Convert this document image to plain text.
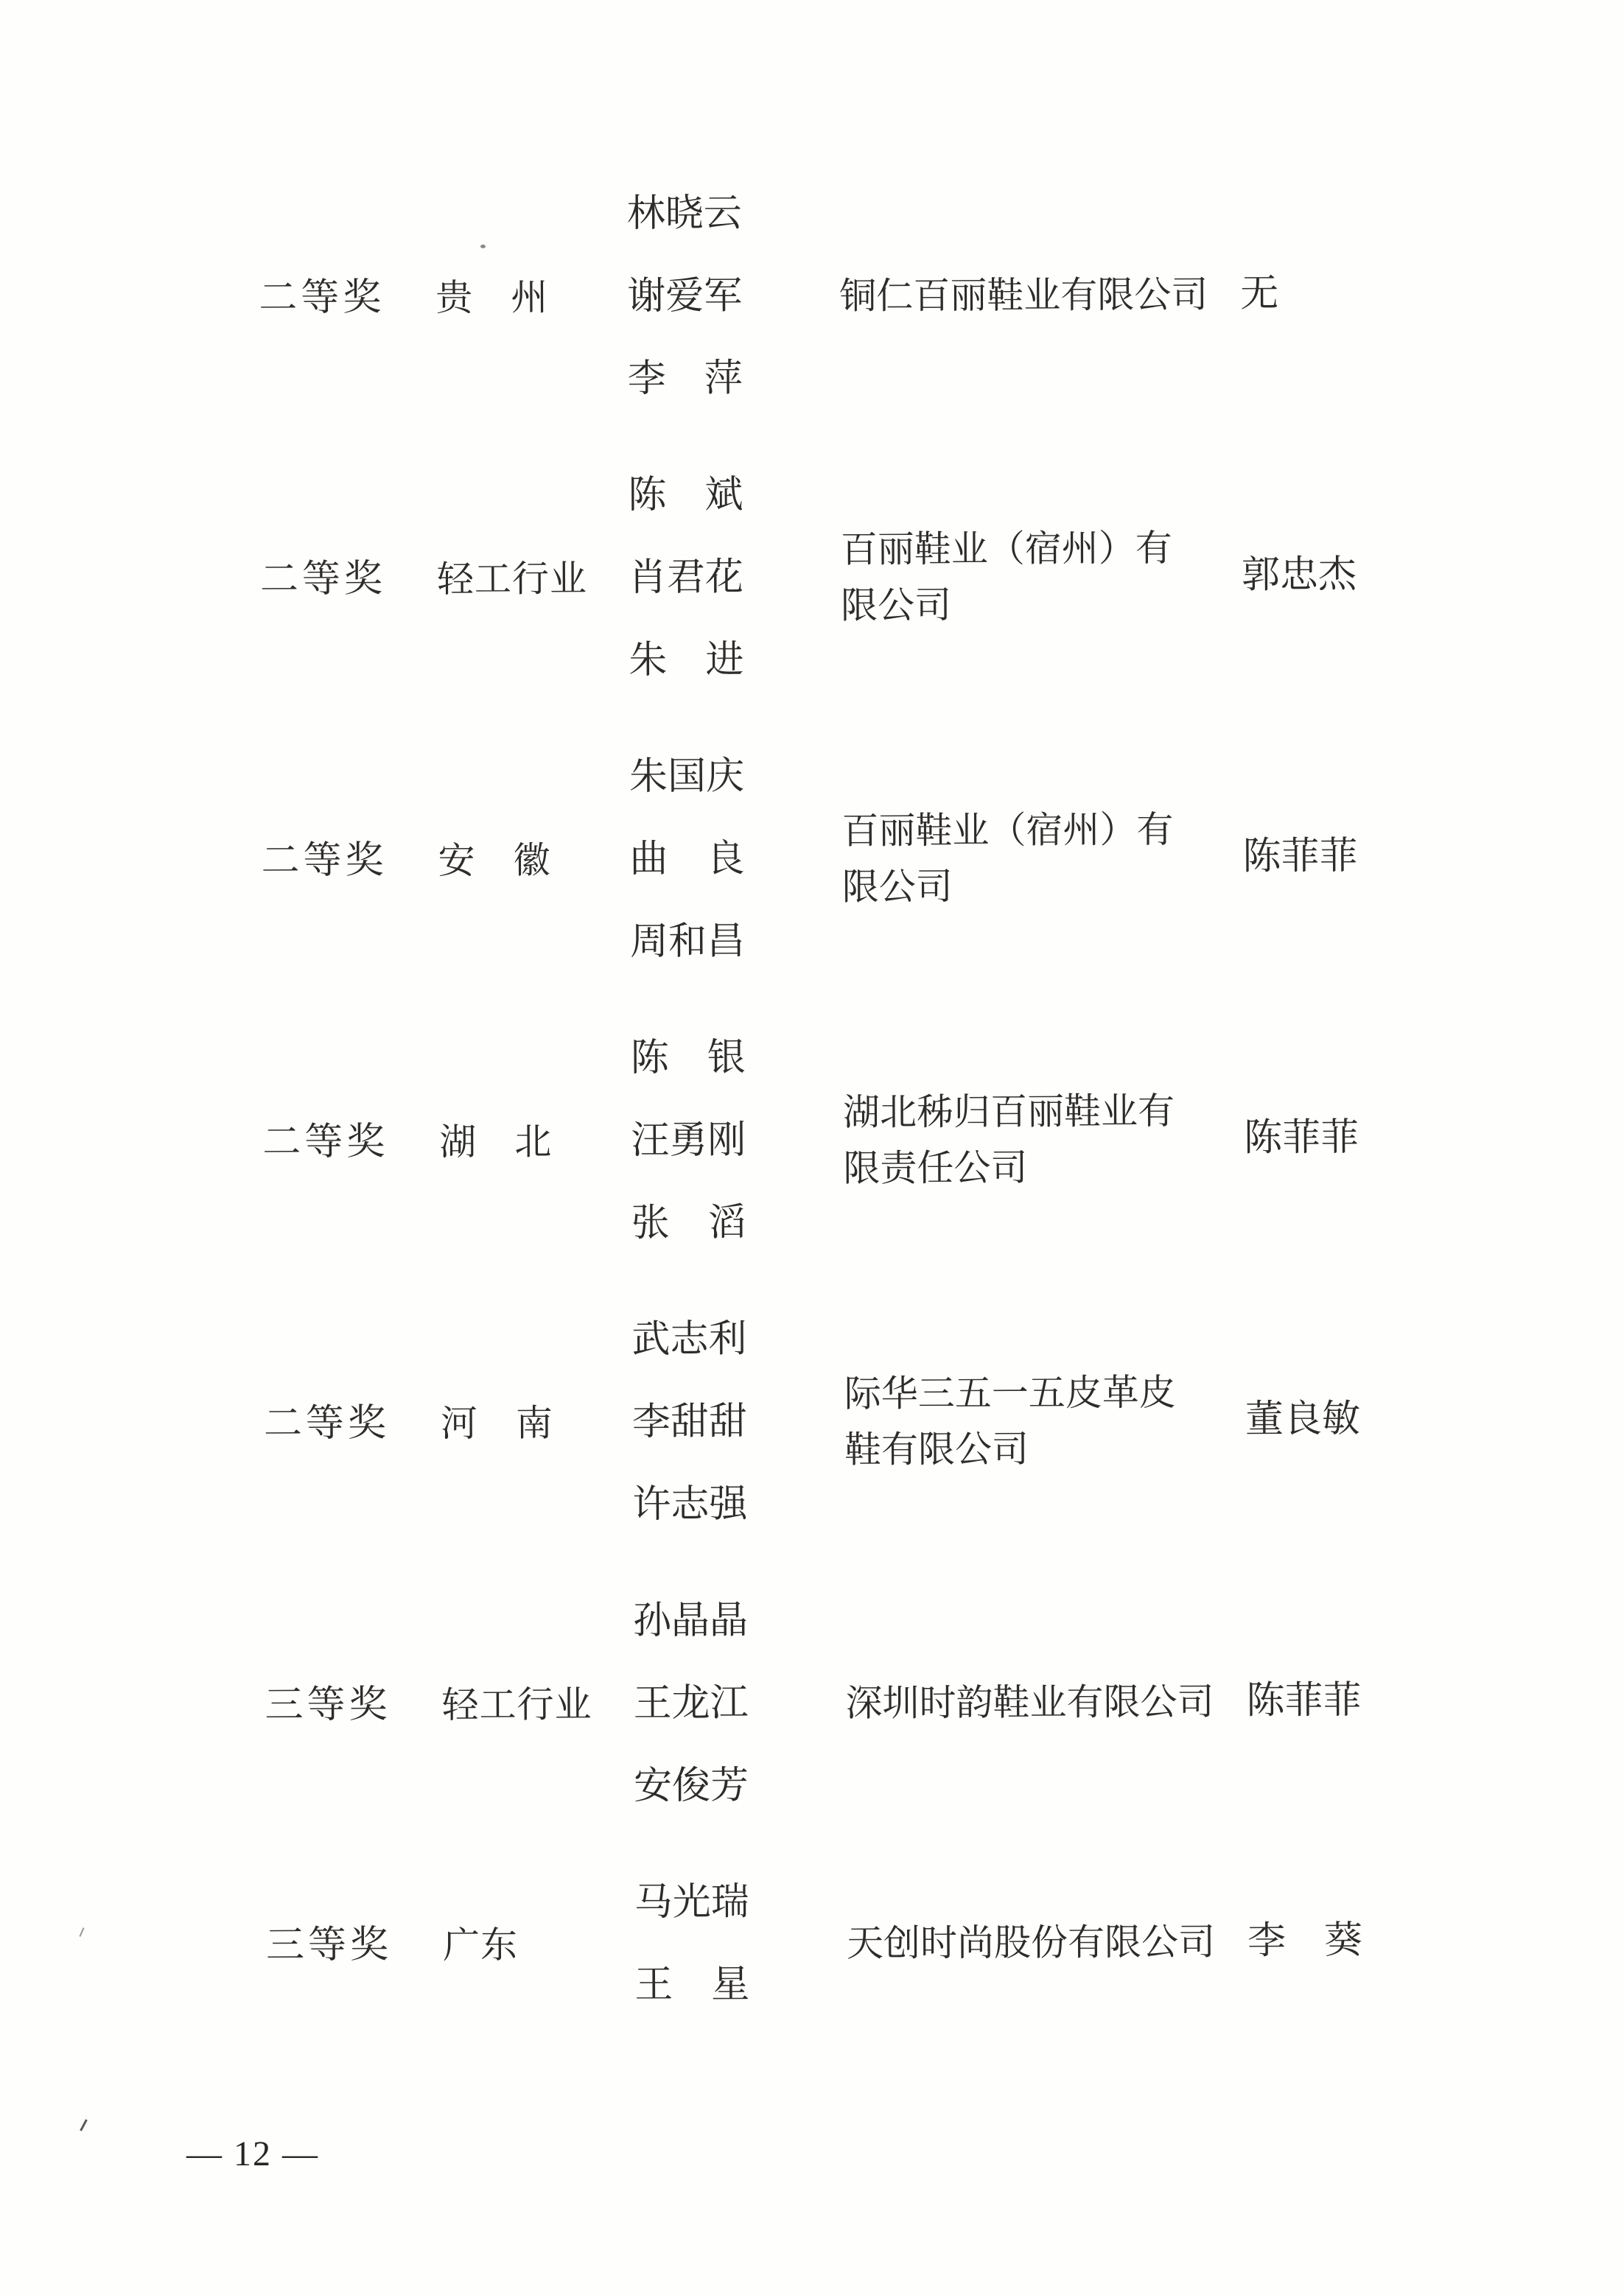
二等奖 贵　州
林晓云
谢爱军
李　萍
铜仁百丽鞋业有限公司 无
二等奖 轻工行业
陈　斌
肖君花
朱　进
百丽鞋业（宿州）有
限公司
郭忠杰
二等奖 安　徽
朱国庆
曲　良
周和昌
百丽鞋业（宿州）有
限公司
陈菲菲
二等奖 湖　北
陈　银
汪勇刚
张　滔
湖北秭归百丽鞋业有
限责任公司
陈菲菲
二等奖 河　南
武志利
李甜甜
许志强
际华三五一五皮革皮
鞋有限公司
董良敏
三等奖 轻工行业
孙晶晶
王龙江
安俊芳
深圳时韵鞋业有限公司 陈菲菲
三等奖 广东
马光瑞
王　星
天创时尚股份有限公司 李　葵
— 12 —
